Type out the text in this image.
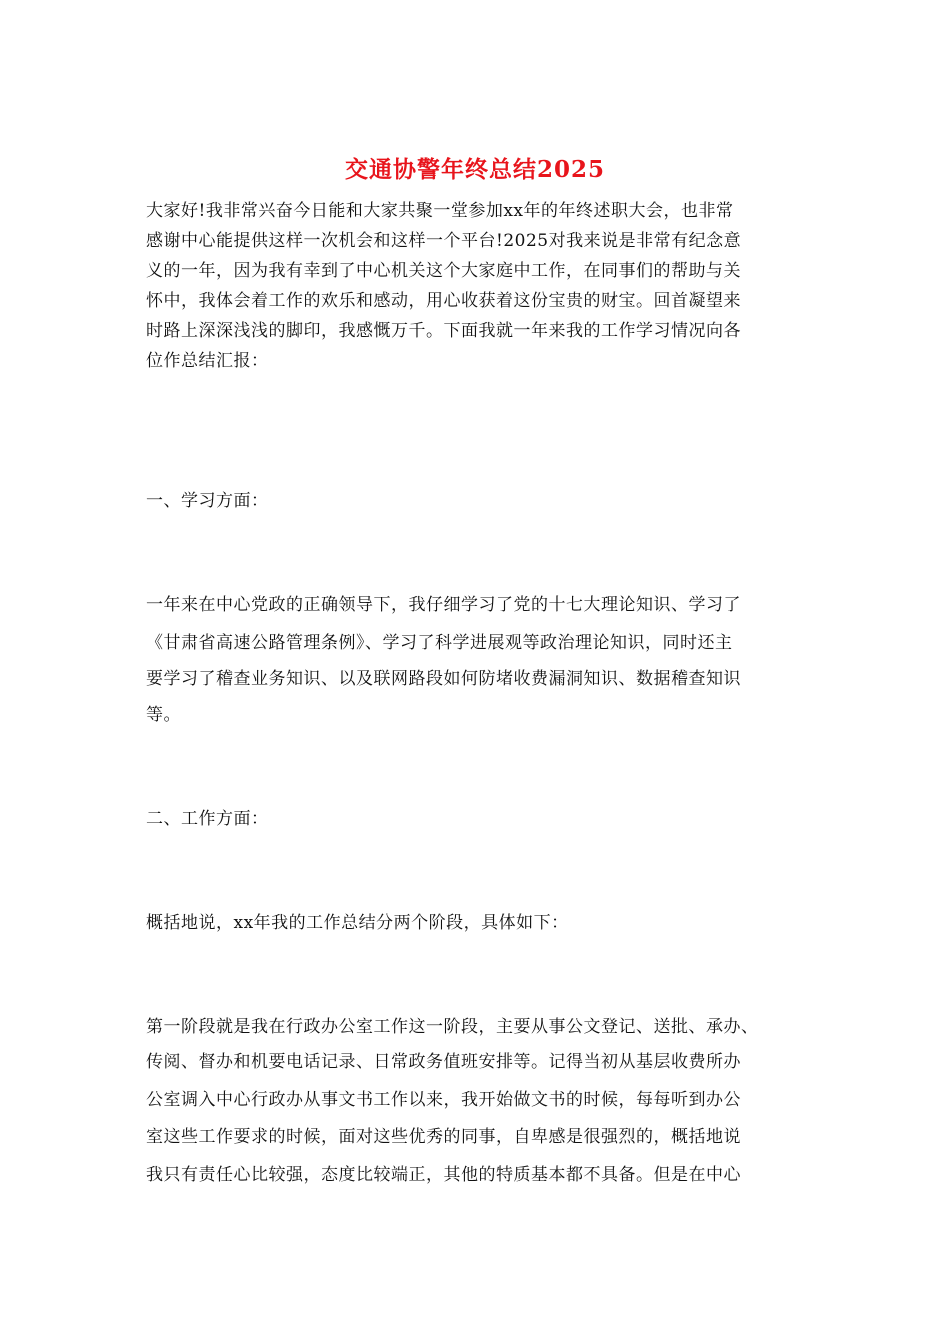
交通协警年终总结2025
大家好!我非常兴奋今日能和大家共聚一堂参加xx年的年终述职大会，也非常
感谢中心能提供这样一次机会和这样一个平台!2025对我来说是非常有纪念意
义的一年，因为我有幸到了中心机关这个大家庭中工作，在同事们的帮助与关
怀中，我体会着工作的欢乐和感动，用心收获着这份宝贵的财宝。回首凝望来
时路上深深浅浅的脚印，我感慨万千。下面我就一年来我的工作学习情况向各
位作总结汇报：
一、学习方面：
一年来在中心党政的正确领导下，我仔细学习了党的十七大理论知识、学习了
《甘肃省高速公路管理条例》、学习了科学进展观等政治理论知识，同时还主
要学习了稽查业务知识、以及联网路段如何防堵收费漏洞知识、数据稽查知识
等。
二、工作方面：
概括地说，xx年我的工作总结分两个阶段，具体如下：
第一阶段就是我在行政办公室工作这一阶段，主要从事公文登记、送批、承办、
传阅、督办和机要电话记录、日常政务值班安排等。记得当初从基层收费所办
公室调入中心行政办从事文书工作以来，我开始做文书的时候，每每听到办公
室这些工作要求的时候，面对这些优秀的同事，自卑感是很强烈的，概括地说
我只有责任心比较强，态度比较端正，其他的特质基本都不具备。但是在中心
